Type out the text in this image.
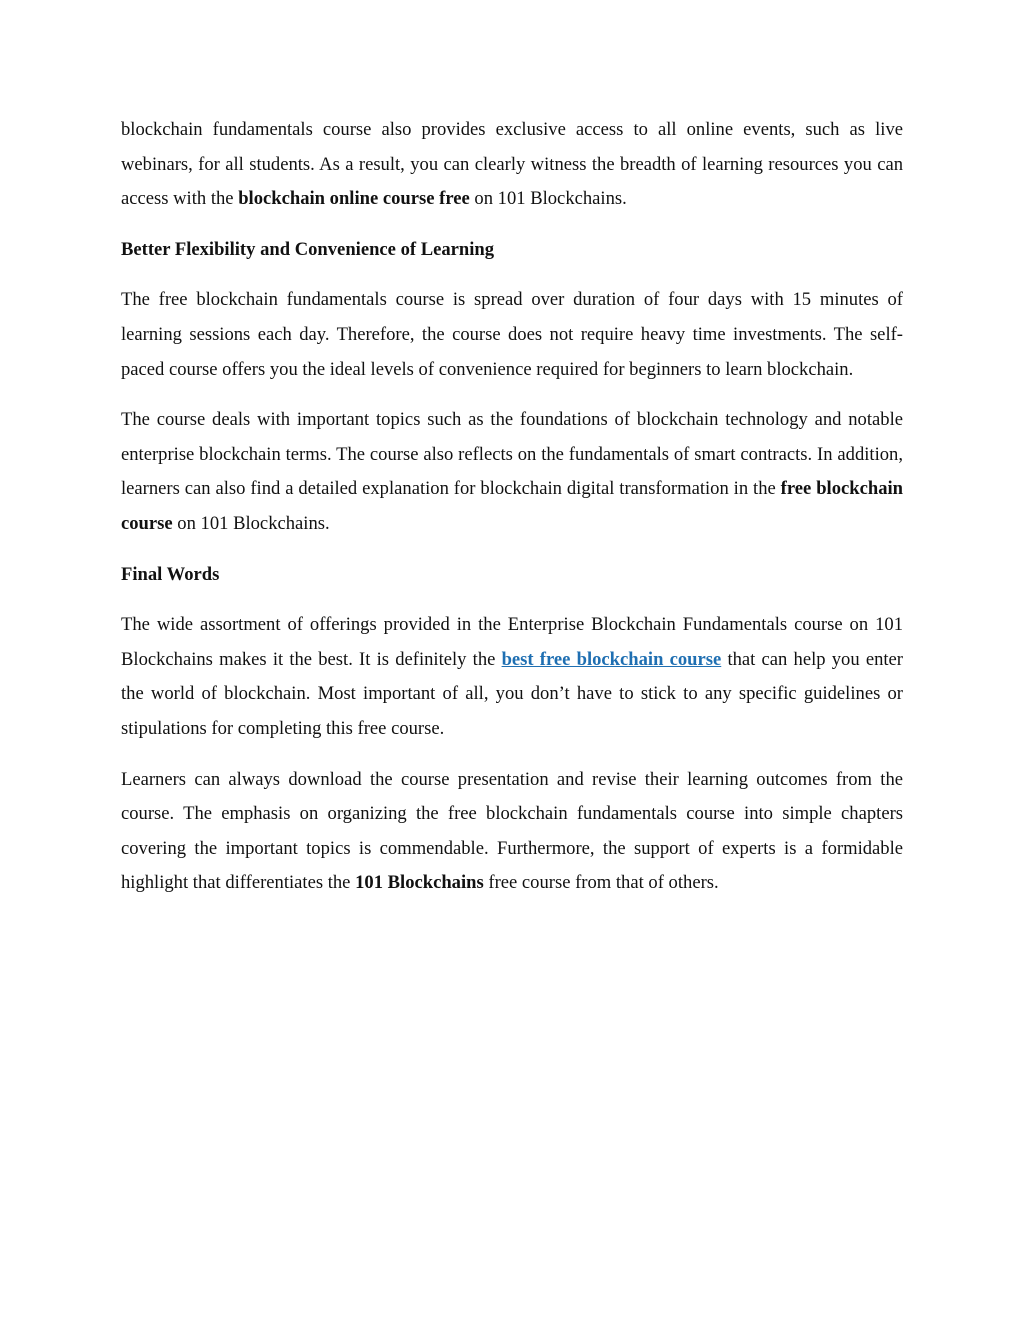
blockchain fundamentals course also provides exclusive access to all online events, such as live webinars, for all students. As a result, you can clearly witness the breadth of learning resources you can access with the blockchain online course free on 101 Blockchains.

Better Flexibility and Convenience of Learning

The free blockchain fundamentals course is spread over duration of four days with 15 minutes of learning sessions each day. Therefore, the course does not require heavy time investments. The self-paced course offers you the ideal levels of convenience required for beginners to learn blockchain.

The course deals with important topics such as the foundations of blockchain technology and notable enterprise blockchain terms. The course also reflects on the fundamentals of smart contracts. In addition, learners can also find a detailed explanation for blockchain digital transformation in the free blockchain course on 101 Blockchains.

Final Words

The wide assortment of offerings provided in the Enterprise Blockchain Fundamentals course on 101 Blockchains makes it the best. It is definitely the best free blockchain course that can help you enter the world of blockchain. Most important of all, you don’t have to stick to any specific guidelines or stipulations for completing this free course.

Learners can always download the course presentation and revise their learning outcomes from the course. The emphasis on organizing the free blockchain fundamentals course into simple chapters covering the important topics is commendable. Furthermore, the support of experts is a formidable highlight that differentiates the 101 Blockchains free course from that of others.
